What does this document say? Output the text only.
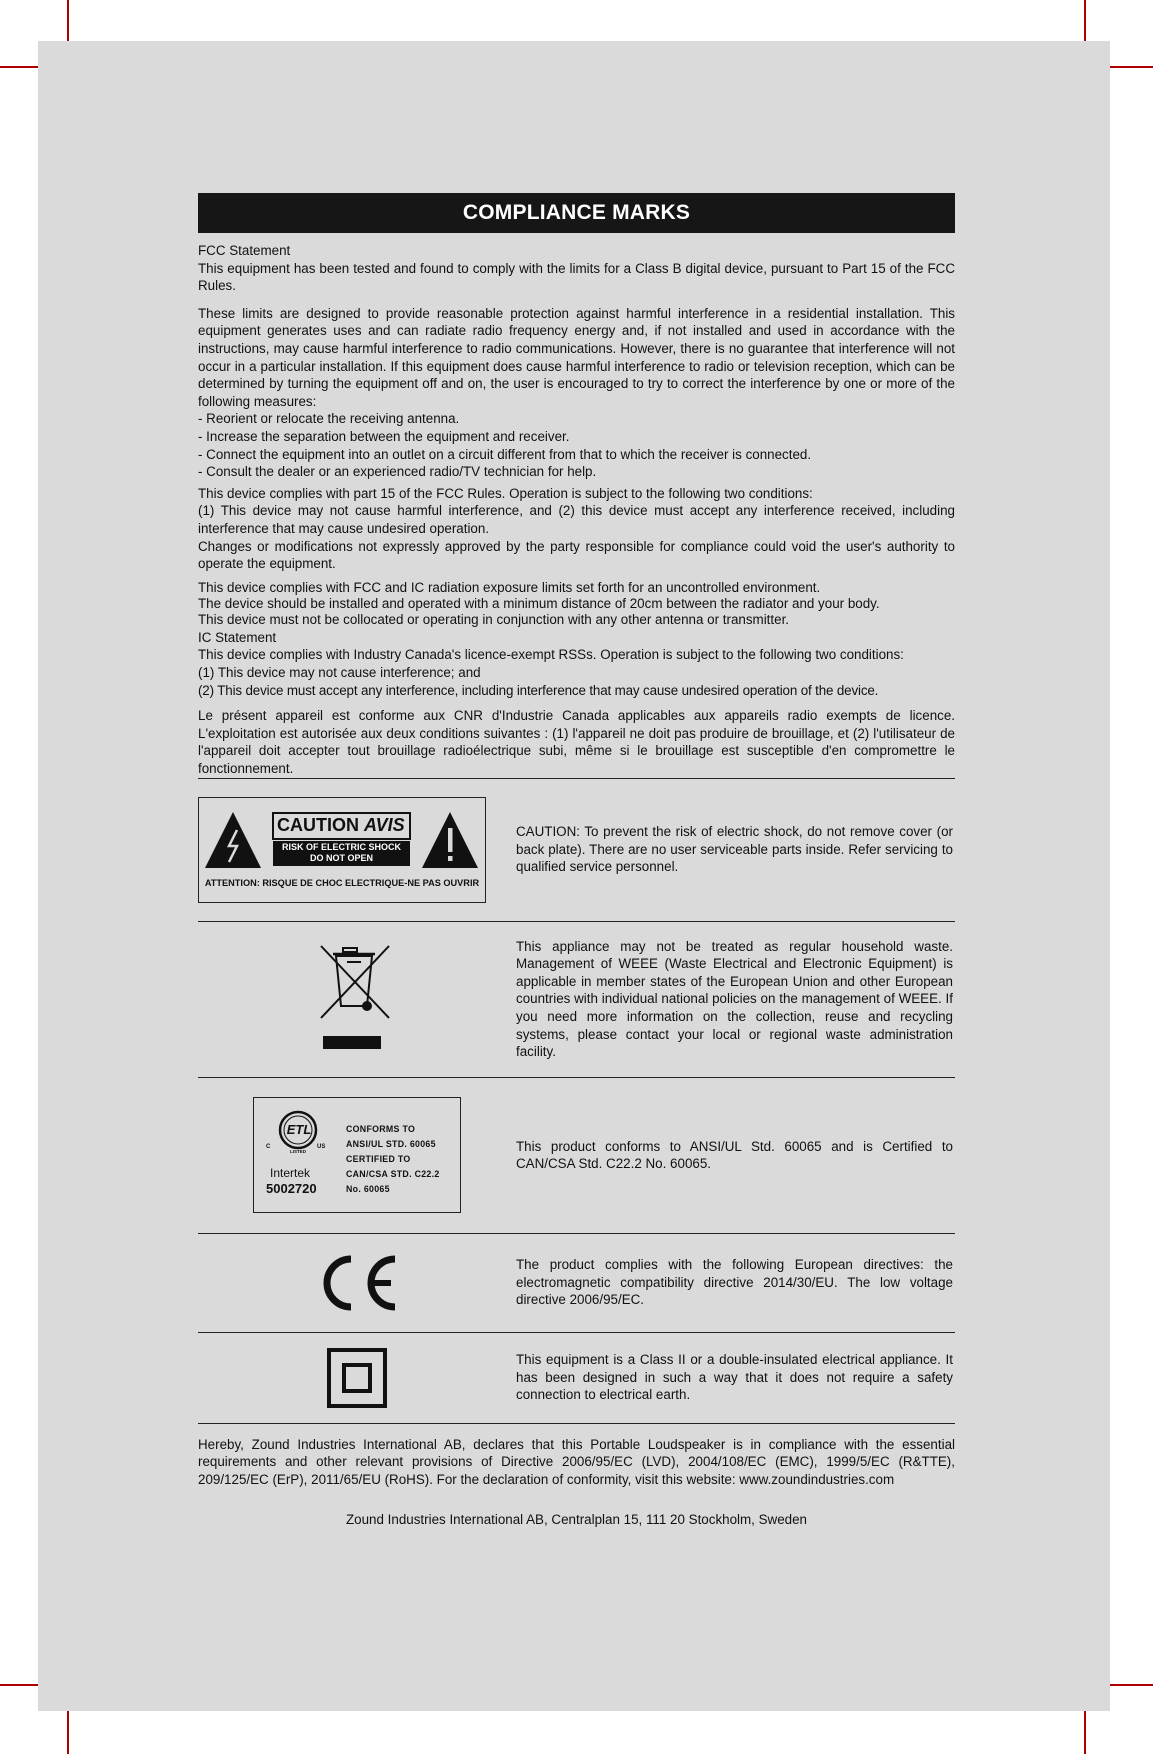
COMPLIANCE MARKS

FCC Statement

This equipment has been tested and found to comply with the limits for a Class B digital device, pursuant to Part 15 of the FCC Rules.

These limits are designed to provide reasonable protection against harmful interference in a residential installation. This equipment generates uses and can radiate radio frequency energy and, if not installed and used in accordance with the instructions, may cause harmful interference to radio communications. However, there is no guarantee that interference will not occur in a particular installation. If this equipment does cause harmful interference to radio or television reception, which can be determined by turning the equipment off and on, the user is encouraged to try to correct the interference by one or more of the following measures:

- Reorient or relocate the receiving antenna.

- Increase the separation between the equipment and receiver.

- Connect the equipment into an outlet on a circuit different from that to which the receiver is connected.

- Consult the dealer or an experienced radio/TV technician for help.

This device complies with part 15 of the FCC Rules. Operation is subject to the following two conditions:

(1) This device may not cause harmful interference, and (2) this device must accept any interference received, including interference that may cause undesired operation.

Changes or modifications not expressly approved by the party responsible for compliance could void the user's authority to operate the equipment.

This device complies with FCC and IC radiation exposure limits set forth for an uncontrolled environment.

The device should be installed and operated with a minimum distance of 20cm between the radiator and your body.

This device must not be collocated or operating in conjunction with any other antenna or transmitter.

IC Statement

This device complies with Industry Canada's licence-exempt RSSs. Operation is subject to the following two conditions:

(1) This device may not cause interference; and

(2) This device must accept any interference, including interference that may cause undesired operation of the device.

Le présent appareil est conforme aux CNR d'Industrie Canada applicables aux appareils radio exempts de licence. L'exploitation est autorisée aux deux conditions suivantes : (1) l'appareil ne doit pas produire de brouillage, et (2) l'utilisateur de l'appareil doit accepter tout brouillage radioélectrique subi, même si le brouillage est susceptible d'en compromettre le fonctionnement.

CAUTION AVIS
RISK OF ELECTRIC SHOCK
DO NOT OPEN
ATTENTION: RISQUE DE CHOC ELECTRIQUE-NE PAS OUVRIR
CAUTION: To prevent the risk of electric shock, do not remove cover (or back plate). There are no user serviceable parts inside. Refer servicing to qualified service personnel.
This appliance may not be treated as regular household waste. Management of WEEE (Waste Electrical and Electronic Equipment) is applicable in member states of the European Union and other European countries with individual national policies on the management of WEEE. If you need more information on the collection, reuse and recycling systems, please contact your local or regional waste administration facility.
ETL
C	US
LISTED
Intertek
5002720
CONFORMS TO
ANSI/UL STD. 60065
CERTIFIED TO
CAN/CSA STD. C22.2
No. 60065
This product conforms to ANSI/UL Std. 60065 and is Certified to CAN/CSA Std. C22.2 No. 60065.
The product complies with the following European directives: the electromagnetic compatibility directive 2014/30/EU. The low voltage directive 2006/95/EC.
This equipment is a Class II or a double-insulated electrical appliance. It has been designed in such a way that it does not require a safety connection to electrical earth.

Hereby, Zound Industries International AB, declares that this Portable Loudspeaker is in compliance with the essential requirements and other relevant provisions of Directive 2006/95/EC (LVD), 2004/108/EC (EMC), 1999/5/EC (R&TTE), 209/125/EC (ErP), 2011/65/EU (RoHS). For the declaration of conformity, visit this website: www.zoundindustries.com

Zound Industries International AB, Centralplan 15, 111 20 Stockholm, Sweden
